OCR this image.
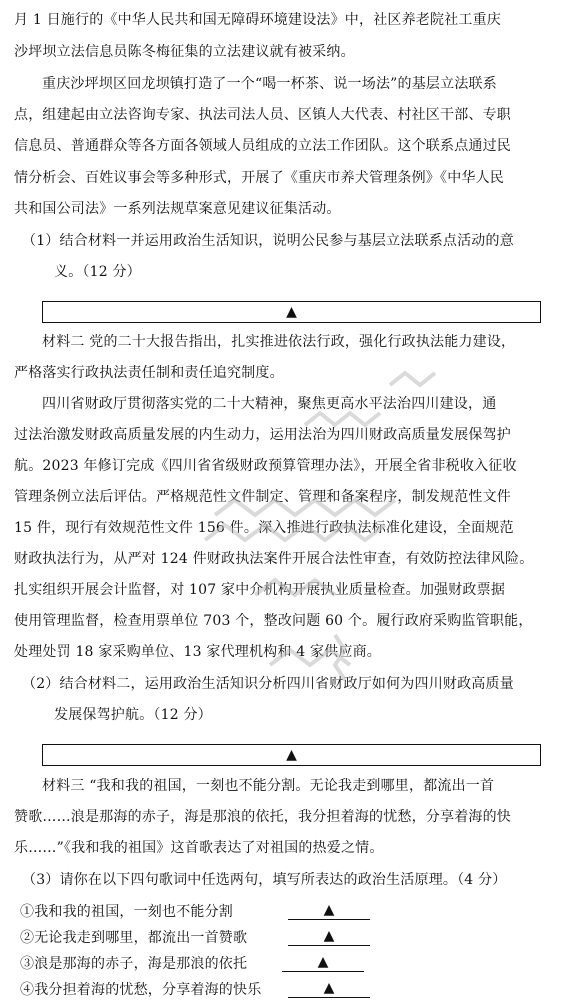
月 1 日施行的《中华人民共和国无障碍环境建设法》中，社区养老院社工重庆
沙坪坝立法信息员陈冬梅征集的立法建议就有被采纳。
重庆沙坪坝区回龙坝镇打造了一个“喝一杯茶、说一场法”的基层立法联系
点，组建起由立法咨询专家、执法司法人员、区镇人大代表、村社区干部、专职
信息员、普通群众等各方面各领域人员组成的立法工作团队。这个联系点通过民
情分析会、百姓议事会等多种形式，开展了《重庆市养犬管理条例》《中华人民
共和国公司法》一系列法规草案意见建议征集活动。
（1）结合材料一并运用政治生活知识，说明公民参与基层立法联系点活动的意
义。（12 分）
▲
材料二 党的二十大报告指出，扎实推进依法行政，强化行政执法能力建设，
严格落实行政执法责任制和责任追究制度。
四川省财政厅贯彻落实党的二十大精神，聚焦更高水平法治四川建设，通
过法治激发财政高质量发展的内生动力，运用法治为四川财政高质量发展保驾护
航。2023 年修订完成《四川省省级财政预算管理办法》，开展全省非税收入征收
管理条例立法后评估。严格规范性文件制定、管理和备案程序，制发规范性文件
15 件，现行有效规范性文件 156 件。深入推进行政执法标准化建设，全面规范
财政执法行为，从严对 124 件财政执法案件开展合法性审查，有效防控法律风险。
扎实组织开展会计监督，对 107 家中介机构开展执业质量检查。加强财政票据
使用管理监督，检查用票单位 703 个，整改问题 60 个。履行政府采购监管职能，
处理处罚 18 家采购单位、13 家代理机构和 4 家供应商。
（2）结合材料二，运用政治生活知识分析四川省财政厅如何为四川财政高质量
发展保驾护航。（12 分）
▲
材料三 “我和我的祖国，一刻也不能分割。无论我走到哪里，都流出一首
赞歌……浪是那海的赤子，海是那浪的依托，我分担着海的忧愁，分享着海的快
乐……”《我和我的祖国》这首歌表达了对祖国的热爱之情。
（3）请你在以下四句歌词中任选两句，填写所表达的政治生活原理。（4 分）
①我和我的祖国，一刻也不能分割	▲
②无论我走到哪里，都流出一首赞歌	▲
③浪是那海的赤子，海是那浪的依托	▲
④我分担着海的忧愁，分享着海的快乐	▲
